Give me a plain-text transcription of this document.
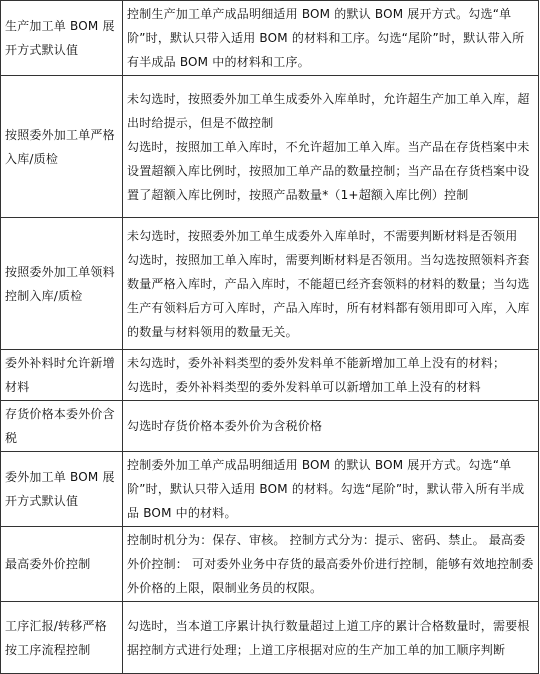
生产加工单 BOM 展开方式默认值	控制生产加工单产成品明细适用 BOM 的默认 BOM 展开方式。勾选“单阶”时，默认只带入适用 BOM 的材料和工序。勾选“尾阶”时，默认带入所有半成品 BOM 中的材料和工序。

按照委外加工单严格入库/质检	未勾选时，按照委外加工单生成委外入库单时，允许超生产加工单入库，超出时给提示，但是不做控制
勾选时，按照加工单入库时，不允许超加工单入库。当产品在存货档案中未设置超额入库比例时，按照加工单产品的数量控制；当产品在存货档案中设置了超额入库比例时，按照产品数量*（1+超额入库比例）控制

按照委外加工单领料控制入库/质检	未勾选时，按照委外加工单生成委外入库单时，不需要判断材料是否领用
勾选时，按照加工单入库时，需要判断材料是否领用。当勾选按照领料齐套数量严格入库时，产品入库时，不能超已经齐套领料的材料的数量；当勾选生产有领料后方可入库时，产品入库时，所有材料都有领用即可入库，入库的数量与材料领用的数量无关。

委外补料时允许新增材料	未勾选时，委外补料类型的委外发料单不能新增加工单上没有的材料；
勾选时，委外补料类型的委外发料单可以新增加工单上没有的材料

存货价格本委外价含税	勾选时存货价格本委外价为含税价格

委外加工单 BOM 展开方式默认值	控制委外加工单产成品明细适用 BOM 的默认 BOM 展开方式。勾选“单阶”时，默认只带入适用 BOM 的材料。勾选“尾阶”时，默认带入所有半成品 BOM 中的材料。

最高委外价控制	控制时机分为：保存、审核。 控制方式分为：提示、密码、禁止。 最高委外价控制： 可对委外业务中存货的最高委外价进行控制，能够有效地控制委外价格的上限，限制业务员的权限。

工序汇报/转移严格按工序流程控制	勾选时，当本道工序累计执行数量超过上道工序的累计合格数量时，需要根据控制方式进行处理；上道工序根据对应的生产加工单的加工顺序判断
